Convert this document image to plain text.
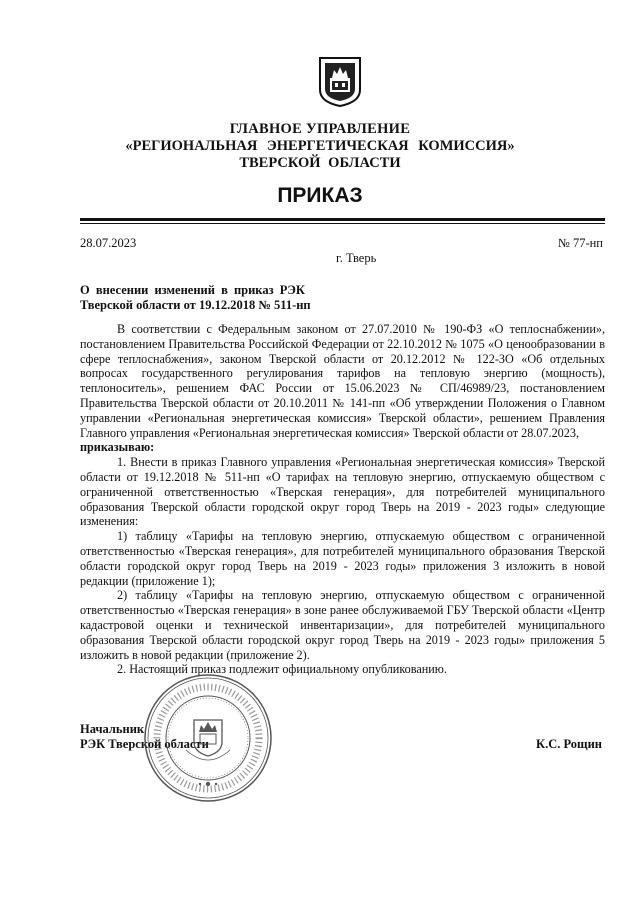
ГЛАВНОЕ УПРАВЛЕНИЕ
«РЕГИОНАЛЬНАЯ ЭНЕРГЕТИЧЕСКАЯ КОМИССИЯ»
ТВЕРСКОЙ ОБЛАСТИ
ПРИКАЗ
28.07.2023	№ 77-нп
г. Тверь
О внесении изменений в приказ РЭК
Тверской области от 19.12.2018 № 511-нп

В соответствии с Федеральным законом от 27.07.2010 № 190-ФЗ «О теплоснабжении», постановлением Правительства Российской Федерации от 22.10.2012 № 1075 «О ценообразовании в сфере теплоснабжения», законом Тверской области от 20.12.2012 № 122-ЗО «Об отдельных вопросах государственного регулирования тарифов на тепловую энергию (мощность), теплоноситель», решением ФАС России от 15.06.2023 № СП/46989/23, постановлением Правительства Тверской области от 20.10.2011 № 141-пп «Об утверждении Положения о Главном управлении «Региональная энергетическая комиссия» Тверской области», решением Правления Главного управления «Региональная энергетическая комиссия» Тверской области от 28.07.2023,

приказываю:

1. Внести в приказ Главного управления «Региональная энергетическая комиссия» Тверской области от 19.12.2018 № 511-нп «О тарифах на тепловую энергию, отпускаемую обществом с ограниченной ответственностью «Тверская генерация», для потребителей муниципального образования Тверской области городской округ город Тверь на 2019 - 2023 годы» следующие изменения:

1) таблицу «Тарифы на тепловую энергию, отпускаемую обществом с ограниченной ответственностью «Тверская генерация», для потребителей муниципального образования Тверской области городской округ город Тверь на 2019 - 2023 годы» приложения 3 изложить в новой редакции (приложение 1);

2) таблицу «Тарифы на тепловую энергию, отпускаемую обществом с ограниченной ответственностью «Тверская генерация» в зоне ранее обслуживаемой ГБУ Тверской области «Центр кадастровой оценки и технической инвентаризации», для потребителей муниципального образования Тверской области городской округ город Тверь на 2019 - 2023 годы» приложения 5 изложить в новой редакции (приложение 2).

2. Настоящий приказ подлежит официальному опубликованию.

Начальник
РЭК Тверской области	К.С. Рощин
